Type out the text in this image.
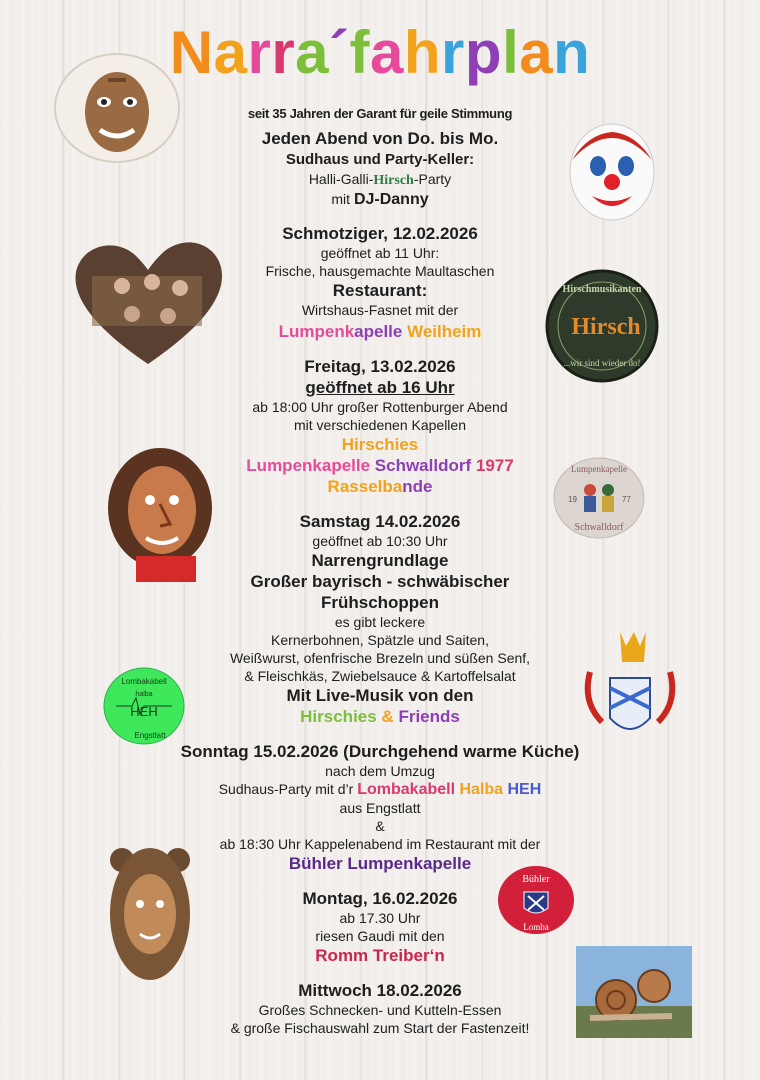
Narra´fahrplan
seit 35 Jahren der Garant für geile Stimmung
Jeden Abend von Do. bis Mo.
Sudhaus und Party-Keller:
Halli-Galli-Hirsch-Party
mit DJ-Danny
Schmotziger, 12.02.2026
geöffnet ab 11 Uhr:
Frische, hausgemachte Maultaschen
Restaurant:
Wirtshaus-Fasnet mit der
Lumpenkapelle Weilheim
Freitag, 13.02.2026
geöffnet ab 16 Uhr
ab 18:00 Uhr großer Rottenburger Abend
mit verschiedenen Kapellen
Hirschies
Lumpenkapelle Schwalldorf 1977
Rasselbande
Samstag 14.02.2026
geöffnet ab 10:30 Uhr
Narrengrundlage
Großer bayrisch - schwäbischer
Frühschoppen
es gibt leckere
Kernerbohnen, Spätzle und Saiten,
Weißwurst, ofenfrische Brezeln und süßen Senf,
& Fleischkäs, Zwiebelsauce & Kartoffelsalat
Mit Live-Musik von den
Hirschies & Friends
Sonntag 15.02.2026 (Durchgehend warme Küche)
nach dem Umzug
Sudhaus-Party mit d’r Lombakabell Halba HEH
aus Engstlatt
&
ab 18:30 Uhr Kappelenabend im Restaurant mit der
Bühler Lumpenkapelle
Montag, 16.02.2026
ab 17.30 Uhr
riesen Gaudi mit den
Romm Treiber‘n
Mittwoch 18.02.2026
Großes Schnecken- und Kutteln-Essen
& große Fischauswahl zum Start der Fastenzeit!
Hirschmusikanten
Hirsch
...wir sind wieder do!
Lumpenkapelle
19	77
Schwalldorf
Lombakabell
halba
HEH
Engstlatt
Bühler
Lomba
